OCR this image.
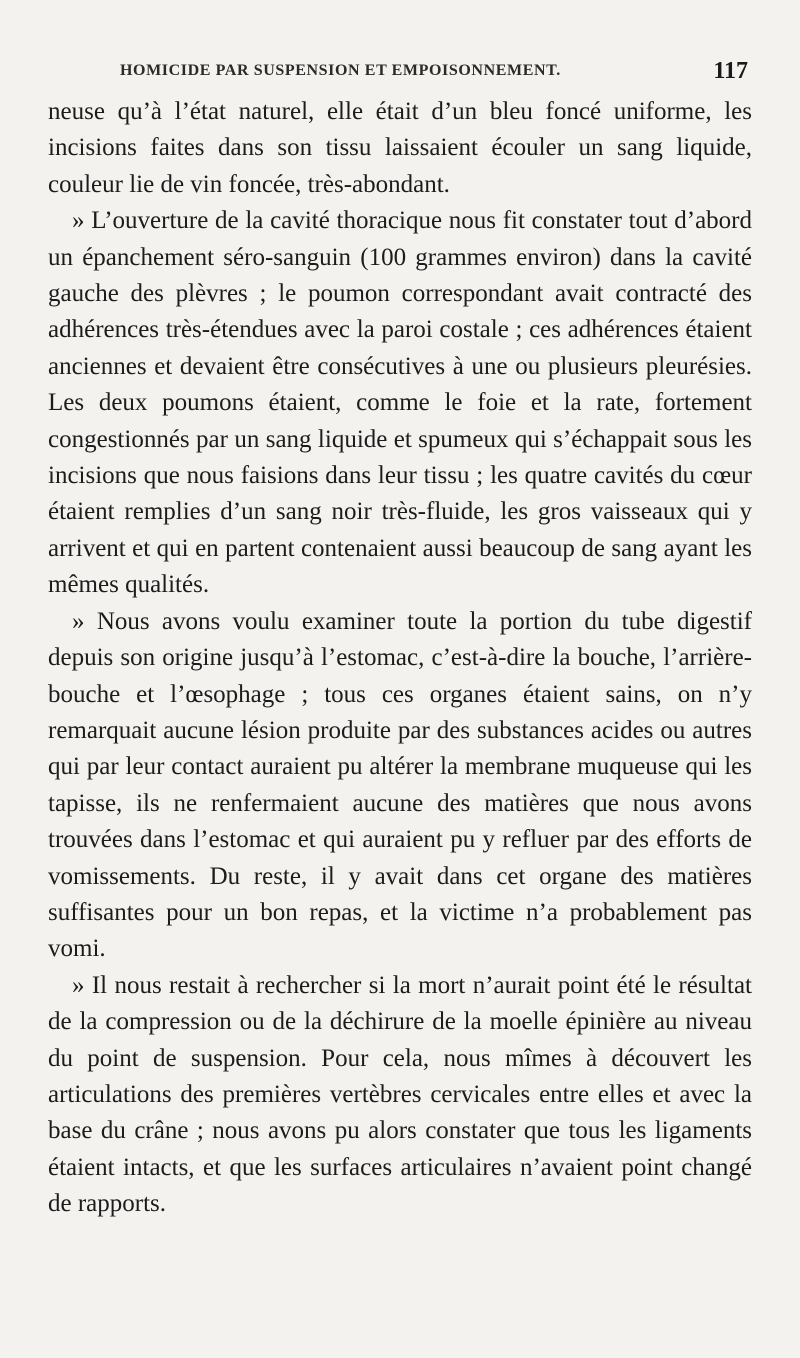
HOMICIDE PAR SUSPENSION ET EMPOISONNEMENT.	117

neuse qu’à l’état naturel, elle était d’un bleu foncé uniforme, les incisions faites dans son tissu laissaient écouler un sang liquide, couleur lie de vin foncée, très-abondant.

» L’ouverture de la cavité thoracique nous fit constater tout d’abord un épanchement séro-sanguin (100 grammes environ) dans la cavité gauche des plèvres ; le poumon correspondant avait contracté des adhérences très-étendues avec la paroi costale ; ces adhérences étaient anciennes et devaient être consécutives à une ou plusieurs pleurésies. Les deux poumons étaient, comme le foie et la rate, fortement congestionnés par un sang liquide et spumeux qui s’échappait sous les incisions que nous faisions dans leur tissu ; les quatre cavités du cœur étaient remplies d’un sang noir très-fluide, les gros vaisseaux qui y arrivent et qui en partent contenaient aussi beaucoup de sang ayant les mêmes qualités.

» Nous avons voulu examiner toute la portion du tube digestif depuis son origine jusqu’à l’estomac, c’est-à-dire la bouche, l’arrière-bouche et l’œsophage ; tous ces organes étaient sains, on n’y remarquait aucune lésion produite par des substances acides ou autres qui par leur contact auraient pu altérer la membrane muqueuse qui les tapisse, ils ne renfermaient aucune des matières que nous avons trouvées dans l’estomac et qui auraient pu y refluer par des efforts de vomissements. Du reste, il y avait dans cet organe des matières suffisantes pour un bon repas, et la victime n’a probablement pas vomi.

» Il nous restait à rechercher si la mort n’aurait point été le résultat de la compression ou de la déchirure de la moelle épinière au niveau du point de suspension. Pour cela, nous mîmes à découvert les articulations des premières vertèbres cervicales entre elles et avec la base du crâne ; nous avons pu alors constater que tous les ligaments étaient intacts, et que les surfaces articulaires n’avaient point changé de rapports.
